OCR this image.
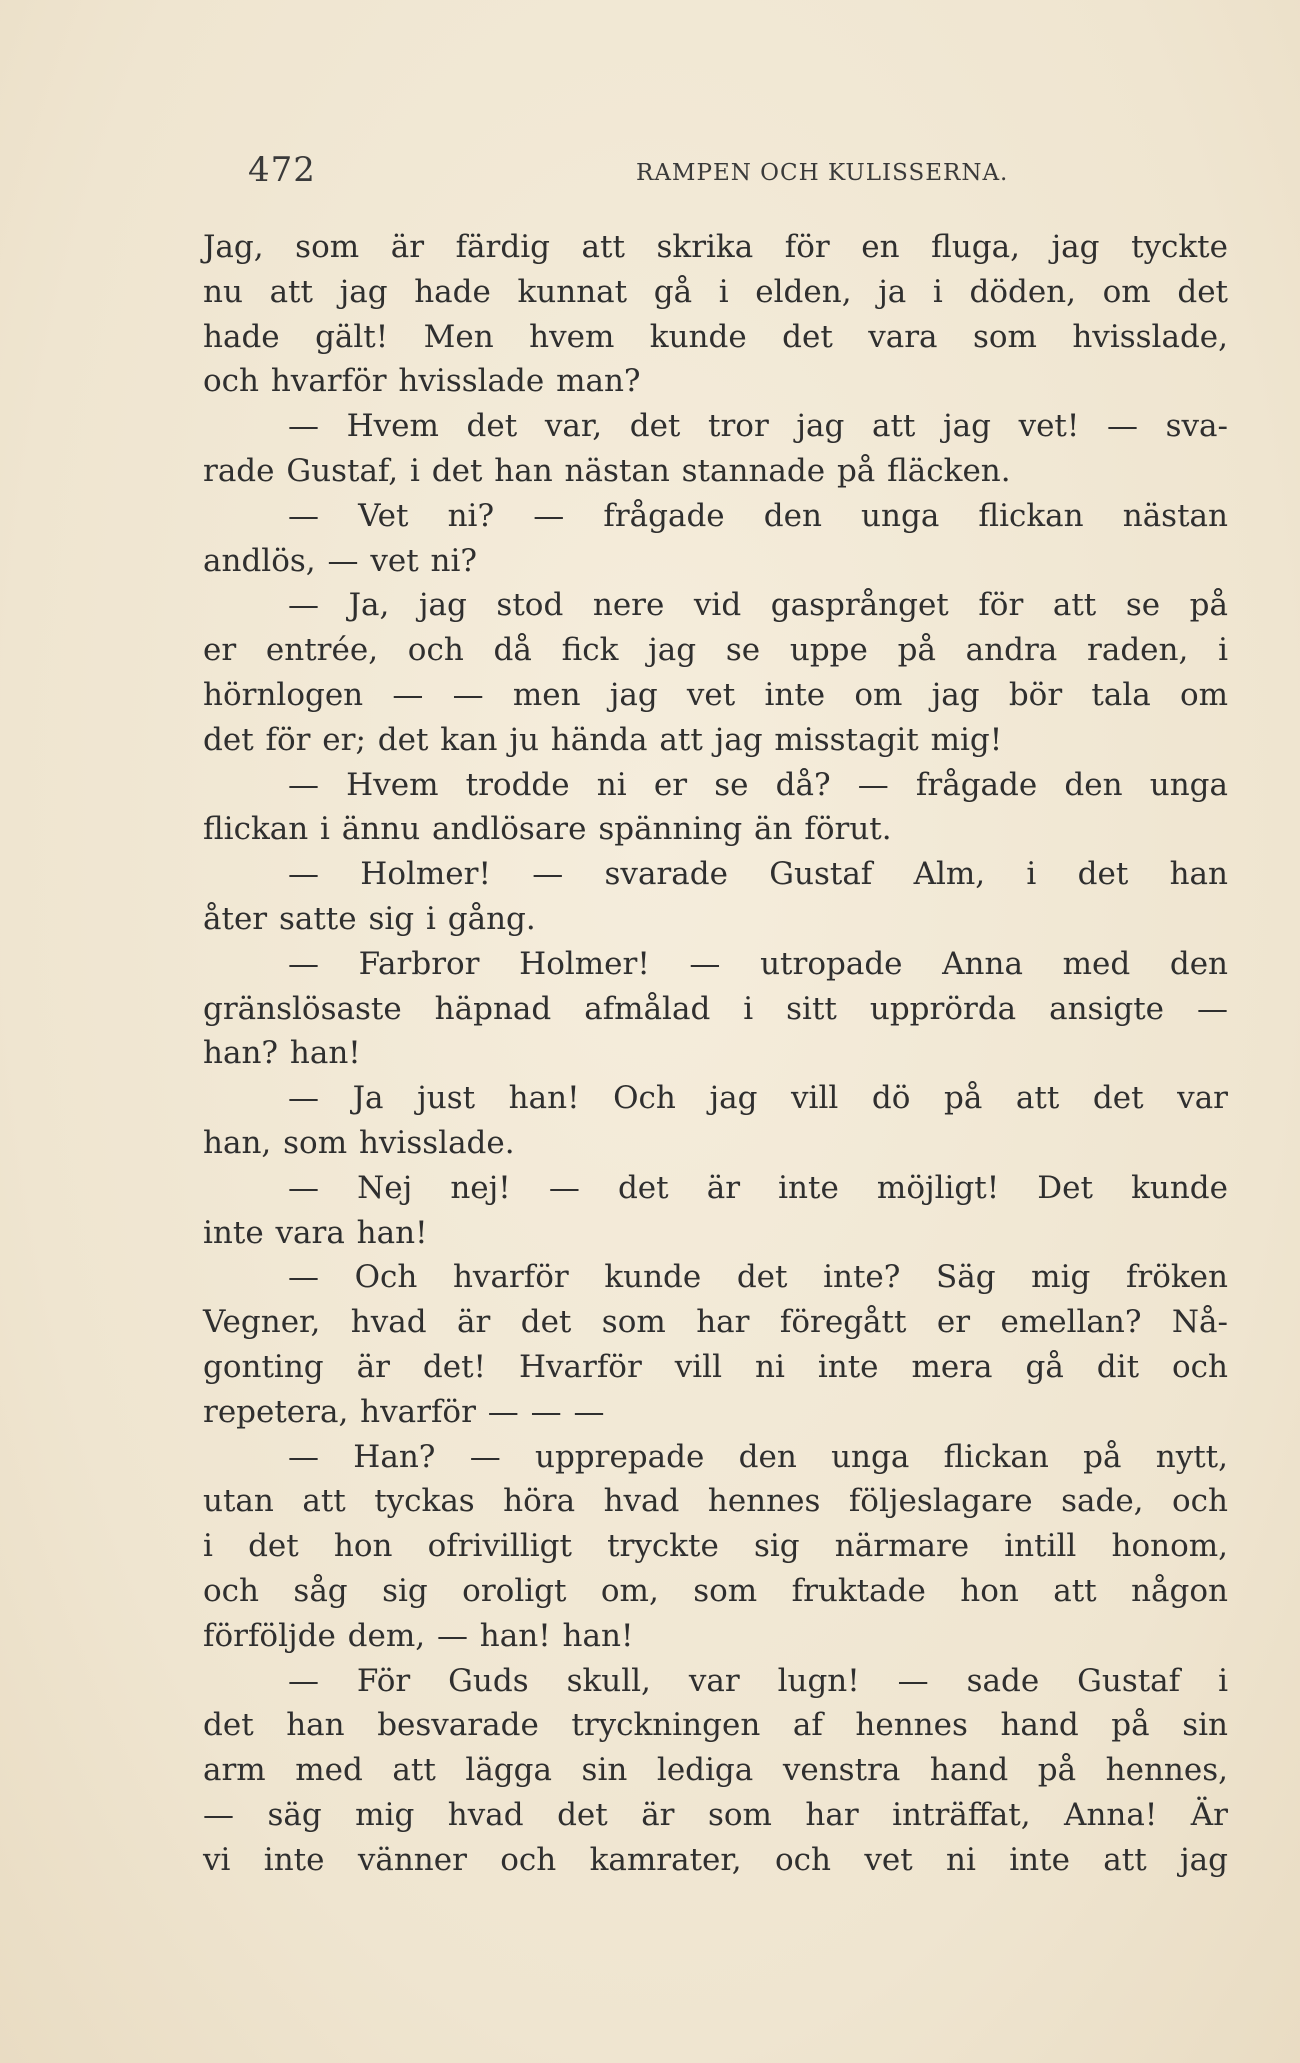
472	RAMPEN OCH KULISSERNA.
Jag, som är färdig att skrika för en fluga, jag tyckte
nu att jag hade kunnat gå i elden, ja i döden, om det
hade gält! Men hvem kunde det vara som hvisslade,
och hvarför hvisslade man?
— Hvem det var, det tror jag att jag vet! — sva-
rade Gustaf, i det han nästan stannade på fläcken.
— Vet ni? — frågade den unga flickan nästan
andlös, — vet ni?
— Ja, jag stod nere vid gasprånget för att se på
er entrée, och då fick jag se uppe på andra raden, i
hörnlogen — — men jag vet inte om jag bör tala om
det för er; det kan ju hända att jag misstagit mig!
— Hvem trodde ni er se då? — frågade den unga
flickan i ännu andlösare spänning än förut.
— Holmer! — svarade Gustaf Alm, i det han
åter satte sig i gång.
— Farbror Holmer! — utropade Anna med den
gränslösaste häpnad afmålad i sitt upprörda ansigte —
han? han!
— Ja just han! Och jag vill dö på att det var
han, som hvisslade.
— Nej nej! — det är inte möjligt! Det kunde
inte vara han!
— Och hvarför kunde det inte? Säg mig fröken
Vegner, hvad är det som har föregått er emellan? Nå-
gonting är det! Hvarför vill ni inte mera gå dit och
repetera, hvarför — — —
— Han? — upprepade den unga flickan på nytt,
utan att tyckas höra hvad hennes följeslagare sade, och
i det hon ofrivilligt tryckte sig närmare intill honom,
och såg sig oroligt om, som fruktade hon att någon
förföljde dem, — han! han!
— För Guds skull, var lugn! — sade Gustaf i
det han besvarade tryckningen af hennes hand på sin
arm med att lägga sin lediga venstra hand på hennes,
— säg mig hvad det är som har inträffat, Anna! Är
vi inte vänner och kamrater, och vet ni inte att jag
